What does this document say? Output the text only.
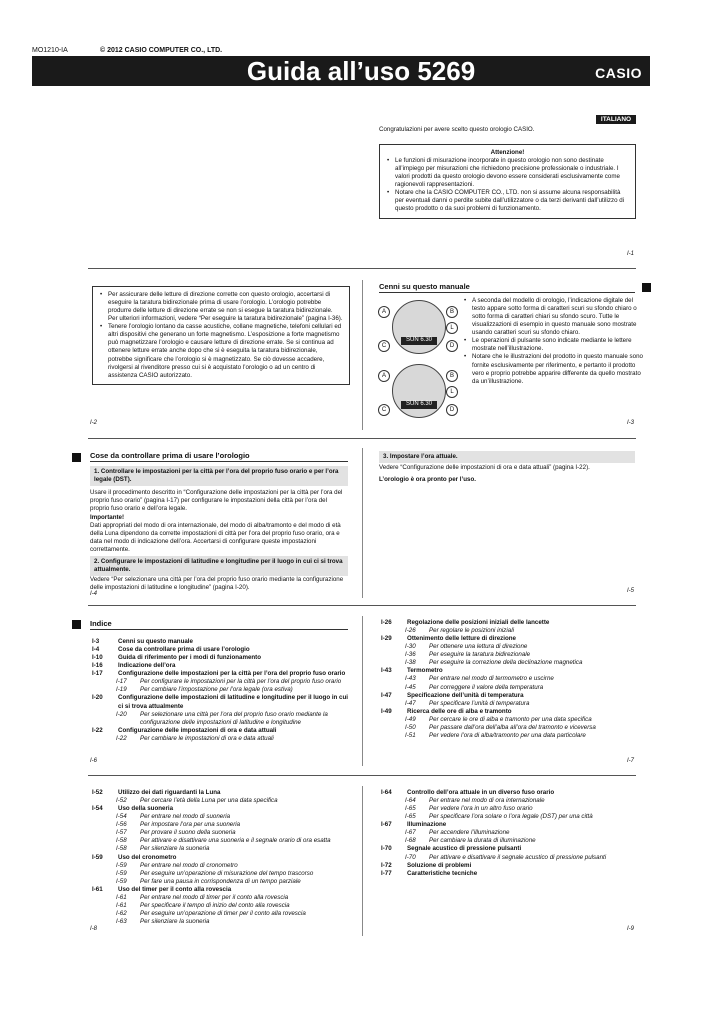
MO1210-IA	© 2012 CASIO COMPUTER CO., LTD.
Guida all’uso 5269	CASIO
ITALIANO
Congratulazioni per avere scelto questo orologio CASIO.
Attenzione!
• Le funzioni di misurazione incorporate in questo orologio non sono destinate all’impiego per misurazioni che richiedono precisione professionale o industriale. I valori prodotti da questo orologio devono essere considerati esclusivamente come ragionevoli rappresentazioni.
• Notare che la CASIO COMPUTER CO., LTD. non si assume alcuna responsabilità per eventuali danni o perdite subite dall’utilizzatore o da terzi derivanti dall’utilizzo di questo prodotto o da suoi problemi di funzionamento.
I-1
• Per assicurare delle letture di direzione corrette con questo orologio, accertarsi di eseguire la taratura bidirezionale prima di usare l’orologio. L’orologio potrebbe produrre delle letture di direzione errate se non si esegue la taratura bidirezionale. Per ulteriori informazioni, vedere “Per eseguire la taratura bidirezionale” (pagina I-36).
• Tenere l’orologio lontano da casse acustiche, collane magnetiche, telefoni cellulari ed altri dispositivi che generano un forte magnetismo. L’esposizione a forte magnetismo può magnetizzare l’orologio e causare letture di direzione errate. Se si continua ad ottenere letture errate anche dopo che si è eseguita la taratura bidirezionale, potrebbe significare che l’orologio si è magnetizzato. Se ciò dovesse accadere, rivolgersi al rivenditore presso cui si è acquistato l’orologio o ad un centro di assistenza CASIO autorizzato.
I-2
Cenni su questo manuale
SUN 6.30
A	B
L
C	D
SUN 6.30
A	B
L
C	D
• A seconda del modello di orologio, l’indicazione digitale del testo appare sotto forma di caratteri scuri su sfondo chiaro o sotto forma di caratteri chiari su sfondo scuro. Tutte le visualizzazioni di esempio in questo manuale sono mostrate usando caratteri scuri su sfondo chiaro.
• Le operazioni di pulsante sono indicate mediante le lettere mostrate nell’illustrazione.
• Notare che le illustrazioni del prodotto in questo manuale sono fornite esclusivamente per riferimento, e pertanto il prodotto vero e proprio potrebbe apparire differente da quello mostrato da un’illustrazione.
I-3
Cose da controllare prima di usare l’orologio
1. Controllare le impostazioni per la città per l’ora del proprio fuso orario e per l’ora legale (DST).
Usare il procedimento descritto in “Configurazione delle impostazioni per la città per l’ora del proprio fuso orario” (pagina I-17) per configurare le impostazioni della città per l’ora del proprio fuso orario e dell’ora legale.
Importante!
Dati appropriati del modo di ora internazionale, del modo di alba/tramonto e del modo di età della Luna dipendono da corrette impostazioni di città per l’ora del proprio fuso orario, ora e data nel modo di indicazione dell’ora. Accertarsi di configurare queste impostazioni correttamente.
2. Configurare le impostazioni di latitudine e longitudine per il luogo in cui ci si trova attualmente.
Vedere “Per selezionare una città per l’ora del proprio fuso orario mediante la configurazione delle impostazioni di latitudine e longitudine” (pagina I-20).
I-4
3. Impostare l’ora attuale.
Vedere “Configurazione delle impostazioni di ora e data attuali” (pagina I-22).
L’orologio è ora pronto per l’uso.
I-5
Indice
I-3	Cenni su questo manuale
I-4	Cose da controllare prima di usare l’orologio
I-10	Guida di riferimento per i modi di funzionamento
I-16	Indicazione dell’ora
I-17	Configurazione delle impostazioni per la città per l’ora del proprio fuso orario
I-17	Per configurare le impostazioni per la città per l’ora del proprio fuso orario
I-19	Per cambiare l’impostazione per l’ora legale (ora estiva)
I-20	Configurazione delle impostazioni di latitudine e longitudine per il luogo in cui ci si trova attualmente
I-20	Per selezionare una città per l’ora del proprio fuso orario mediante la configurazione delle impostazioni di latitudine e longitudine
I-22	Configurazione delle impostazioni di ora e data attuali
I-22	Per cambiare le impostazioni di ora e data attuali
I-6
I-26	Regolazione delle posizioni iniziali delle lancette
I-26	Per regolare le posizioni iniziali
I-29	Ottenimento delle letture di direzione
I-30	Per ottenere una lettura di direzione
I-36	Per eseguire la taratura bidirezionale
I-38	Per eseguire la correzione della declinazione magnetica
I-43	Termometro
I-43	Per entrare nel modo di termometro e uscirne
I-45	Per correggere il valore della temperatura
I-47	Specificazione dell’unità di temperatura
I-47	Per specificare l’unità di temperatura
I-49	Ricerca delle ore di alba e tramonto
I-49	Per cercare le ore di alba e tramonto per una data specifica
I-50	Per passare dall’ora dell’alba all’ora del tramonto e viceversa
I-51	Per vedere l’ora di alba/tramonto per una data particolare
I-7
I-52	Utilizzo dei dati riguardanti la Luna
I-52	Per cercare l’età della Luna per una data specifica
I-54	Uso della suoneria
I-54	Per entrare nel modo di suoneria
I-56	Per impostare l’ora per una suoneria
I-57	Per provare il suono della suoneria
I-58	Per attivare e disattivare una suoneria e il segnale orario di ora esatta
I-58	Per silenziare la suoneria
I-59	Uso del cronometro
I-59	Per entrare nel modo di cronometro
I-59	Per eseguire un’operazione di misurazione del tempo trascorso
I-59	Per fare una pausa in corrispondenza di un tempo parziale
I-61	Uso del timer per il conto alla rovescia
I-61	Per entrare nel modo di timer per il conto alla rovescia
I-61	Per specificare il tempo di inizio del conto alla rovescia
I-62	Per eseguire un’operazione di timer per il conto alla rovescia
I-63	Per silenziare la suoneria
I-8
I-64	Controllo dell’ora attuale in un diverso fuso orario
I-64	Per entrare nel modo di ora internazionale
I-65	Per vedere l’ora in un altro fuso orario
I-65	Per specificare l’ora solare o l’ora legale (DST) per una città
I-67	Illuminazione
I-67	Per accendere l’illuminazione
I-68	Per cambiare la durata di illuminazione
I-70	Segnale acustico di pressione pulsanti
I-70	Per attivare e disattivare il segnale acustico di pressione pulsanti
I-72	Soluzione di problemi
I-77	Caratteristiche tecniche
I-9
